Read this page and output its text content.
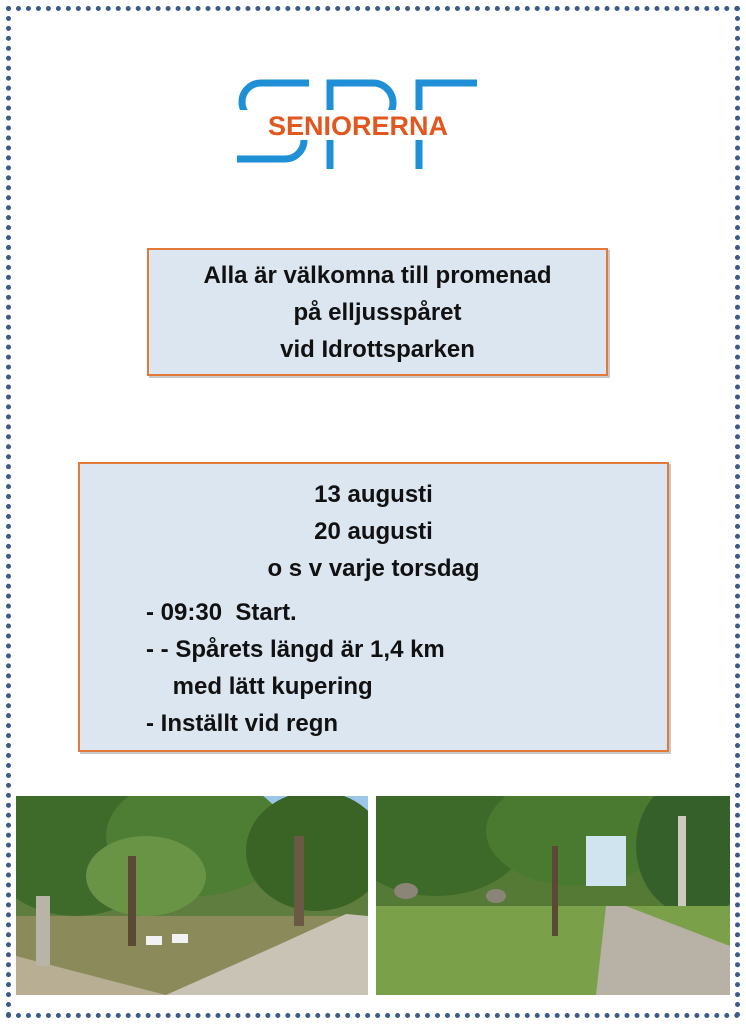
SENIORERNA
Alla är välkomna till promenad
på elljusspåret
vid Idrottsparken
13 augusti
20 augusti
o s v varje torsdag
- 09:30  Start.
- - Spårets längd är 1,4 km
med lätt kupering
- Inställt vid regn
